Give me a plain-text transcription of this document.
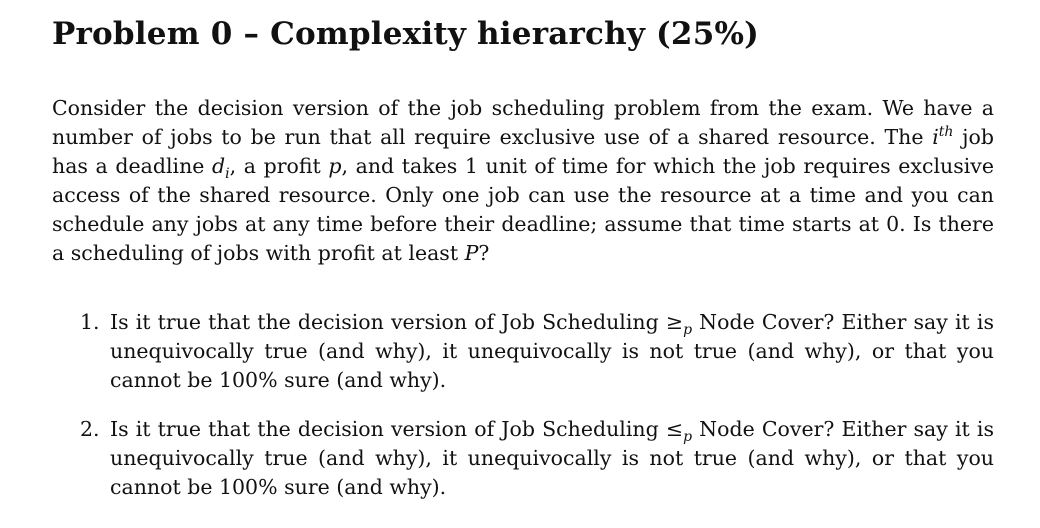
Problem 0 – Complexity hierarchy (25%)

Consider the decision version of the job scheduling problem from the exam. We have a number of jobs to be run that all require exclusive use of a shared resource. The $i^{th}$ job has a deadline $d_i$, a profit p, and takes 1 unit of time for which the job requires exclusive access of the shared resource. Only one job can use the resource at a time and you can schedule any jobs at any time before their deadline; assume that time starts at 0. Is there a scheduling of jobs with profit at least P?

1. Is it true that the decision version of Job Scheduling $\ge_p$ Node Cover? Either say it is unequivocally true (and why), it unequivocally is not true (and why), or that you cannot be 100% sure (and why).
2. Is it true that the decision version of Job Scheduling $\le_p$ Node Cover? Either say it is unequivocally true (and why), it unequivocally is not true (and why), or that you cannot be 100% sure (and why).
